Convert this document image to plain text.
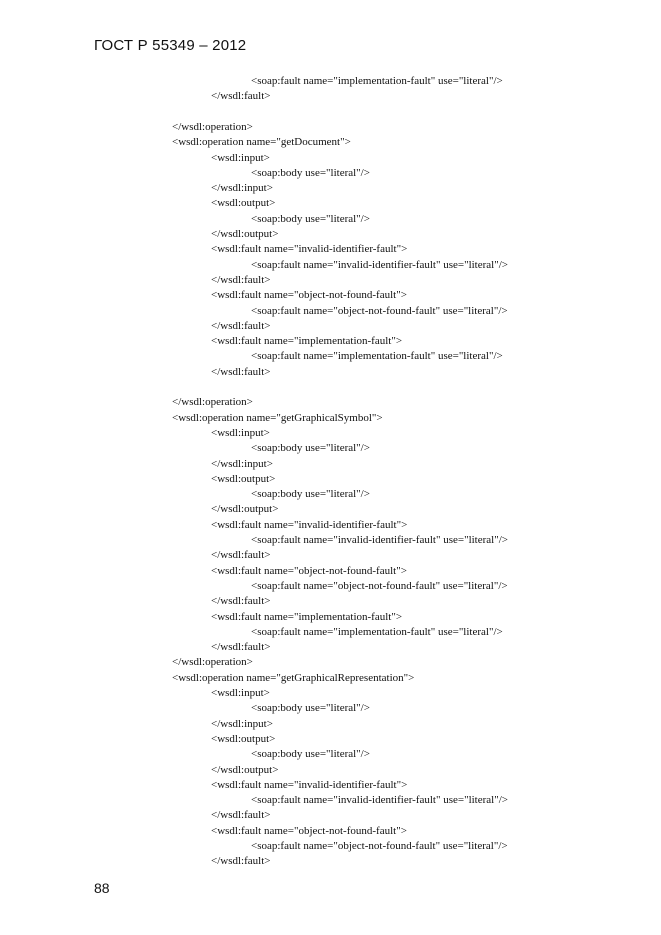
ГОСТ Р 55349 – 2012
<soap:fault name="implementation-fault" use="literal"/>
</wsdl:fault>
</wsdl:operation>
<wsdl:operation name="getDocument">
<wsdl:input>
<soap:body use="literal"/>
</wsdl:input>
<wsdl:output>
<soap:body use="literal"/>
</wsdl:output>
<wsdl:fault name="invalid-identifier-fault">
<soap:fault name="invalid-identifier-fault" use="literal"/>
</wsdl:fault>
<wsdl:fault name="object-not-found-fault">
<soap:fault name="object-not-found-fault" use="literal"/>
</wsdl:fault>
<wsdl:fault name="implementation-fault">
<soap:fault name="implementation-fault" use="literal"/>
</wsdl:fault>
</wsdl:operation>
<wsdl:operation name="getGraphicalSymbol">
<wsdl:input>
<soap:body use="literal"/>
</wsdl:input>
<wsdl:output>
<soap:body use="literal"/>
</wsdl:output>
<wsdl:fault name="invalid-identifier-fault">
<soap:fault name="invalid-identifier-fault" use="literal"/>
</wsdl:fault>
<wsdl:fault name="object-not-found-fault">
<soap:fault name="object-not-found-fault" use="literal"/>
</wsdl:fault>
<wsdl:fault name="implementation-fault">
<soap:fault name="implementation-fault" use="literal"/>
</wsdl:fault>
</wsdl:operation>
<wsdl:operation name="getGraphicalRepresentation">
<wsdl:input>
<soap:body use="literal"/>
</wsdl:input>
<wsdl:output>
<soap:body use="literal"/>
</wsdl:output>
<wsdl:fault name="invalid-identifier-fault">
<soap:fault name="invalid-identifier-fault" use="literal"/>
</wsdl:fault>
<wsdl:fault name="object-not-found-fault">
<soap:fault name="object-not-found-fault" use="literal"/>
</wsdl:fault>
88
